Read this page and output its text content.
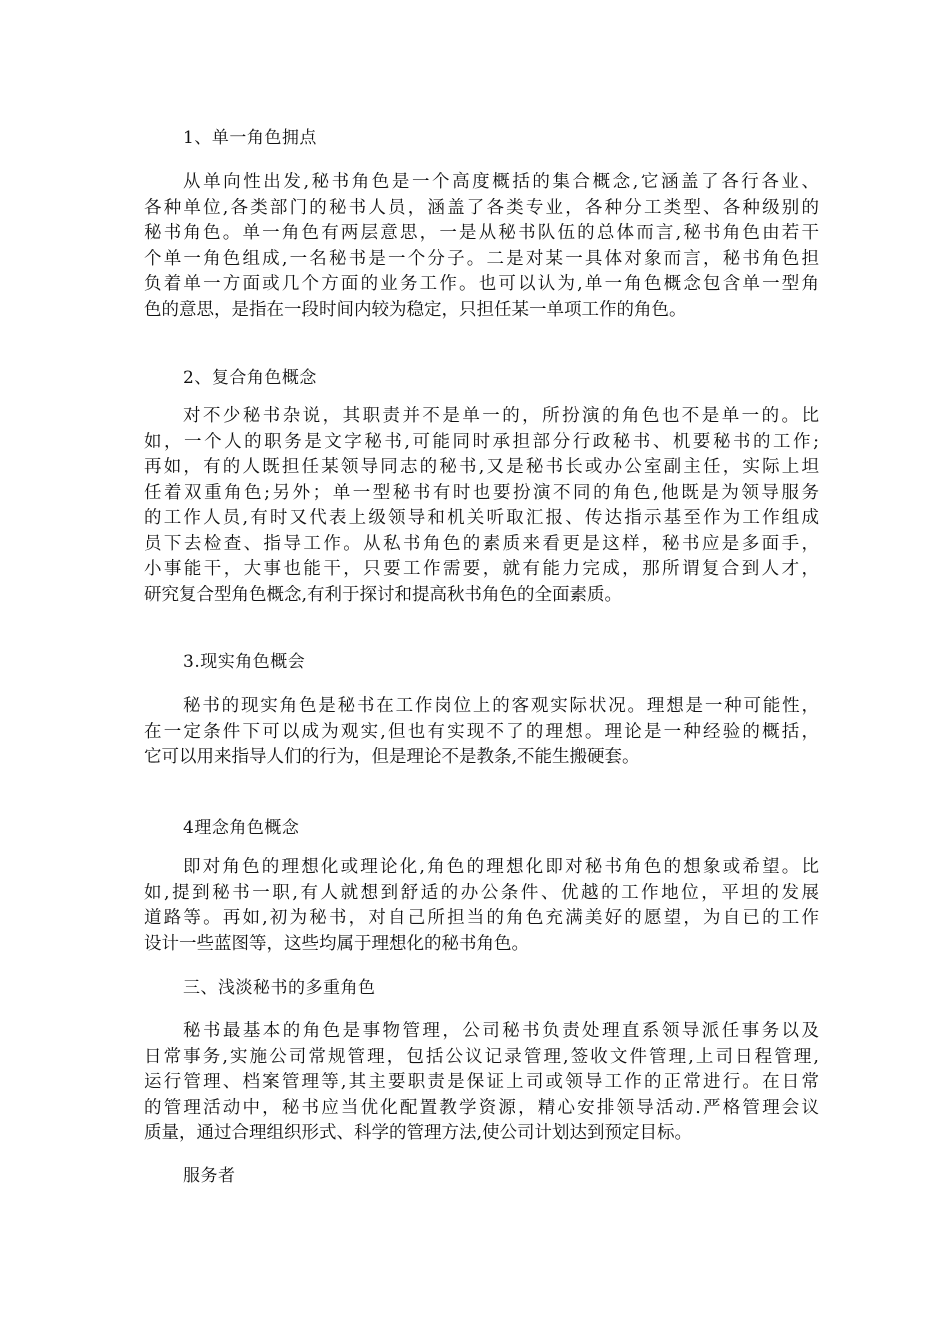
1、单一角色拥点
从单向性出发,秘书角色是一个高度概括的集合概念,它涵盖了各行各业、
各种单位,各类部门的秘书人员，涵盖了各类专业，各种分工类型、各种级别的
秘书角色。单一角色有两层意思，一是从秘书队伍的总体而言,秘书角色由若干
个单一角色组成,一名秘书是一个分子。二是对某一具体对象而言，秘书角色担
负着单一方面或几个方面的业务工作。也可以认为,单一角色概念包含单一型角
色的意思，是指在一段时间内较为稳定，只担任某一单项工作的角色。
2、复合角色概念
对不少秘书杂说，其职责并不是单一的，所扮演的角色也不是单一的。比
如，一个人的职务是文字秘书,可能同时承担部分行政秘书、机要秘书的工作;
再如，有的人既担任某领导同志的秘书,又是秘书长或办公室副主任，实际上坦
任着双重角色;另外；单一型秘书有时也要扮演不同的角色,他既是为领导服务
的工作人员,有时又代表上级领导和机关听取汇报、传达指示基至作为工作组成
员下去检查、指导工作。从私书角色的素质来看更是这样，秘书应是多面手，
小事能干，大事也能干，只要工作需要，就有能力完成，那所谓复合到人才，
研究复合型角色概念,有利于探讨和提高秋书角色的全面素质。
3.现实角色概会
秘书的现实角色是秘书在工作岗位上的客观实际状况。理想是一种可能性，
在一定条件下可以成为观实,但也有实现不了的理想。理论是一种经验的概括，
它可以用来指导人们的行为，但是理论不是教条,不能生搬硬套。
4理念角色概念
即对角色的理想化或理论化,角色的理想化即对秘书角色的想象或希望。比
如,提到秘书一职,有人就想到舒适的办公条件、优越的工作地位，平坦的发展
道路等。再如,初为秘书，对自己所担当的角色充满美好的愿望，为自已的工作
设计一些蓝图等，这些均属于理想化的秘书角色。
三、浅淡秘书的多重角色
秘书最基本的角色是事物管理，公司秘书负责处理直系领导派任事务以及
日常事务,实施公司常规管理，包括公议记录管理,签收文件管理,上司日程管理,
运行管理、档案管理等,其主要职责是保证上司或领导工作的正常进行。在日常
的管理活动中，秘书应当优化配置教学资源，精心安排领导活动.严格管理会议
质量，通过合理组织形式、科学的管理方法,使公司计划达到预定目标。
服务者
